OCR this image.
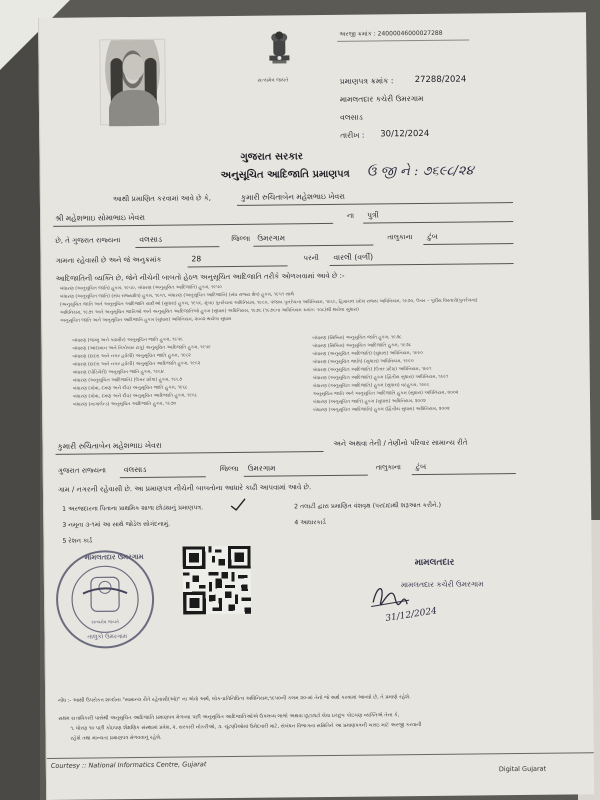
સત્યમેવ જયતે
અરજી ક્રમાંક : 24000046000027288
પ્રમાણપત્ર ક્રમાંક : 27288/2024
મામલતદાર કચેરી ઉમરગામ
વલસાડ
તારીખ : 30/12/2024
ગુજરાત સરકાર
અનુસૂચિત આદિજાતિ પ્રમાણપત્ર ઉ જી ને : ૭૬૯૮/૨૪
આથી પ્રમાણિત કરવામાં આવે છે કે,	કુમારી રુચિતાબેન મહેશભાઇ ખેવરા
શ્રી મહેશભાઇ સોમાભાઇ ખેવરા	ના પુત્રી
છે, તે ગુજરાત રાજ્યના વલસાડ	જિલ્લા ઉમરગામ	તાલુકાના ટુંબ
ગામના રહેવાસી છે અને જે અનુક્રમાંક	28	પરની વારલી (વર્ળી)
આદિજાતિની વ્યક્તિ છે, જેને નીચેની બાબતો હેઠળ અનુસૂચિત આદિજાતિ તરીકે ઓળખવામાં આવે છે :-
બંધારણ (અનુસૂચિત જાતિ) હુકમ, ૧૯૫૦, બંધારણ (અનુસૂચિત આદિજાતિ) હુકમ, ૧૯૫૦
બંધારણ (અનુસૂચિત જાતિ) (સંઘ રાજ્યક્ષેત્ર) હુકમ, ૧૯૫૧, બંધારણ (અનુસૂચિત આદિજાતિ) (સંઘ રાજ્ય ક્ષેત્ર) હુકમ, ૧૯૫૧ સાથે
(અનુસૂચિત જાતિ અને અનુસૂચિત આદિજાતિ યાદીઓ (સુધારા) હુકમ, ૧૯૫૬, મુંબઇ પુનર્રચના અધિનિયમ, ૧૯૬૦, પંજાબ પુનર્રચના અધિનિયમ, ૧૯૬૬, હિમાચલ પ્રદેશ રાજ્ય અધિનિયમ, ૧૯૭૦, ઉત્તર – પૂર્વીય વિસ્તારો(પુનર્રચના)
અધિનિયમ, ૧૯૭૧ અને અનુસૂચિત જાતિઓ અને અનુસૂચિત આદિજાતિઓ હુકમ (સુધારા) અધિનિયમ, ૧૯૭૬ (૧૯૭૬ના અધિનિયમ ક્રમાંક: ૧૦૮)થી થયેલા સુધારા)
અનુસૂચિત જાતિ અને અનુસૂચિત આદિજાતિ હુકમ (સુધારા) અધિનિયમ, ૨૦૦૨ થયેલા સુધારા
બંધારણ (જમ્મુ અને કાશ્મીર) અનુસૂચિત જાતિ હુકમ, ૧૯૫૬
બંધારણ (આંદામાન અને નિકોબાર ટાપુ) અનુસૂચિત આદિજાતિ હુકમ, ૧૯૫૯
બંધારણ (દાદરા અને નગર હવેલી) અનુસૂચિત જાતિ હુકમ, ૧૯૬૨
બંધારણ (દાદરા અને નગર હવેલી) અનુસૂચિત આદિજાતિ હુકમ, ૧૯૬૨
બંધારણ (પોંડિચેરી) અનુસૂચિત જાતિ હુકમ, ૧૯૬૪
બંધારણ (અનુસૂચિત આદિજાતિ) (ઉત્તર પ્રદેશ) હુકમ, ૧૯૬૭
બંધારણ (ગોવા, દમણ અને દીવ) અનુસૂચિત જાતિ હુકમ, ૧૯૬૮
બંધારણ (ગોવા, દમણ અને દીવ) અનુસૂચિત આદિજાતિ હુકમ, ૧૯૬૮
બંધારણ (નાગાલેન્ડ) અનુસૂચિત આદિજાતિ હુકમ, ૧૯૭૦
બંધારણ (સિક્કિમ) અનુસૂચિત જાતિ હુકમ, ૧૯૭૮
બંધારણ (સિક્કિમ) અનુસૂચિત આદિજાતિ હુકમ, ૧૯૭૮
બંધારણ (અનુસૂચિત આદિજાતિ) (સુધારા) અધિનિયમ, ૧૯૯૦
બંધારણ (અનુસૂચિત જાતિ) (સુધારા) અધિનિયમ, ૧૯૯૦
બંધારણ (અનુસૂચિત આદિજાતિ) (ઉત્તર પ્રદેશ) અધિનિયમ, ૧૯૯૧
બંધારણ (અનુસૂચિત આદિજાતિ) હુકમ (દ્વિતીય સુધારા) અધિનિયમ, ૧૯૯૧
બંધારણ (અનુસૂચિત આદિજાતિ) હુકમ (સુધારા) વટહુકમ, ૧૯૯૬
અનુસૂચિત જાતિ અને અનુસૂચિત આદિજાતિ હુકમ (સુધારા) અધિનિયમ, ૨૦૦૨
બંધારણ (અનુસૂચિત જાતિ) હુકમ (સુધારા) અધિનિયમ, ૨૦૦૨
બંધારણ (અનુસૂચિત આદિજાતિ) હુકમ (દ્વિતીય સુધારા) અધિનિયમ, ૨૦૦૨
કુમારી રુચિતાબેન મહેશભાઇ ખેવરા	અને અથવા તેની / તેણીનો પરિવાર સામાન્ય રીતે
ગુજરાત રાજ્યના વલસાડ	જિલ્લા ઉમરગામ	તાલુકાના ટુંબ
ગામ / નગરની રહેવાસી છે. આ પ્રમાણપત્ર નીચેની બાબતોના આધારે કાઢી આપવામાં આવે છે.
1 અરજદારના પિતાના પ્રાથમિક શાળા છોડ્યાનું પ્રમાણપત્ર.	2 તલાટી દ્વારા પ્રમાણિત વંશવૃક્ષ (પરદાદાથી શરૂઆત કરીને.)
3 નમૂના ૩-૧માં આ સાથે જોડેલ સોગંદનામું.	4 આધારકાર્ડ
5 રેશન કાર્ડ
મામલતદાર ઉમરગામ
સત્યમેવ જયતે
તાલુકો ઉમરગામ
મામલતદાર
મામલતદાર કચેરી ઉમરગામ
31/12/2024
નોંધ :- આથી ઉપરોક્ત્ત શબ્દોના "સામાન્ય રીતે રહેવાસી(ઓ)" ના એવો અર્થ, લોક-પ્રતિનિધિત્વ અધિનિયમ,૧૯૫૦ની કલમ ૨૦-માં તેનો જે અર્થ કરવામાં આવ્યો છે, તે પ્રમાણે રહેશે.
સક્ષમ સત્તાધિકારી પાસેથી અનુસૂચિત આદિજાતિ પ્રમાણપત્ર મેળવ્યા પછી અનુસૂચિત આદિજાતિઓએ ઉપલબ્ધ લાભો અથવા છૂટછાટો લેવા ઇચ્છુક કોઇપણ વ્યક્તિએ તેના કે,
૧. ધોરણ ૧૦ પછી કોઇપણ શૈક્ષણિક સંસ્થામાં પ્રવેશ, ૨. સરકારી નોકરીઓ, ૩. ચૂંટણીઓમાં ઉમેદવારી માટે, સંબંધન વિભાગના સમિતિને આ પ્રમાણપત્રની ખરાઇ માટે અરજી કરવાની
રહેશે તથા માન્યતા પ્રમાણપત્ર મેળવવાનું રહેશે.
Courtesy :: National Informatics Centre, Gujarat	Digital Gujarat
